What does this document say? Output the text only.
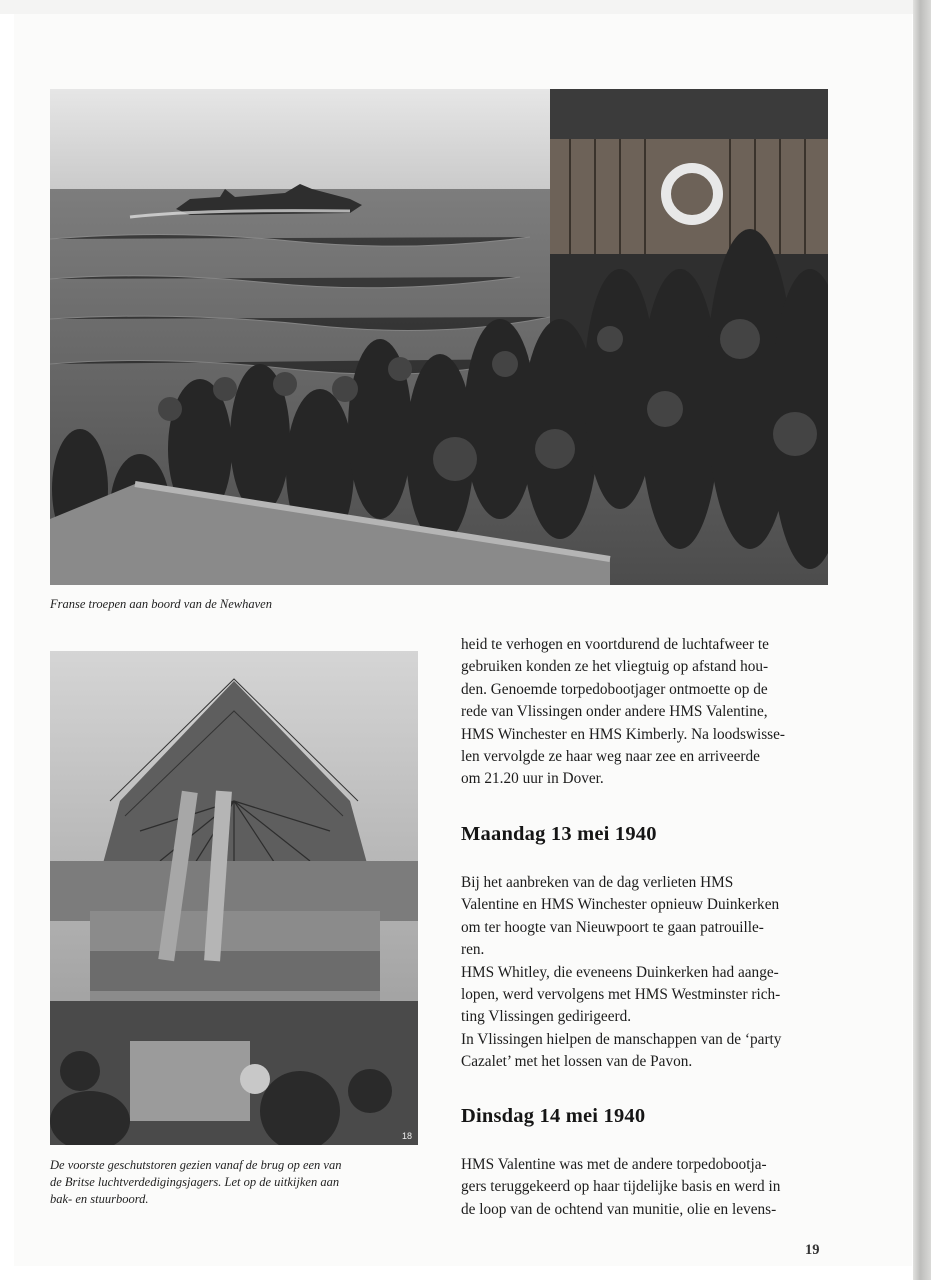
Franse troepen aan boord van de Newhaven
18
De voorste geschutstoren gezien vanaf de brug op een van
de Britse luchtverdedigingsjagers. Let op de uitkijken aan
bak- en stuurboord.

heid te verhogen en voortdurend de luchtafweer te

gebruiken konden ze het vliegtuig op afstand hou-

den. Genoemde torpedobootjager ontmoette op de

rede van Vlissingen onder andere HMS Valentine,

HMS Winchester en HMS Kimberly. Na loodswisse-

len vervolgde ze haar weg naar zee en arriveerde

om 21.20 uur in Dover.

Maandag 13 mei 1940

Bij het aanbreken van de dag verlieten HMS

Valentine en HMS Winchester opnieuw Duinkerken

om ter hoogte van Nieuwpoort te gaan patrouille-

ren.

HMS Whitley, die eveneens Duinkerken had aange-

lopen, werd vervolgens met HMS Westminster rich-

ting Vlissingen gedirigeerd.

In Vlissingen hielpen de manschappen van de ‘party

Cazalet’ met het lossen van de Pavon.

Dinsdag 14 mei 1940

HMS Valentine was met de andere torpedobootja-

gers teruggekeerd op haar tijdelijke basis en werd in

de loop van de ochtend van munitie, olie en levens-

19
